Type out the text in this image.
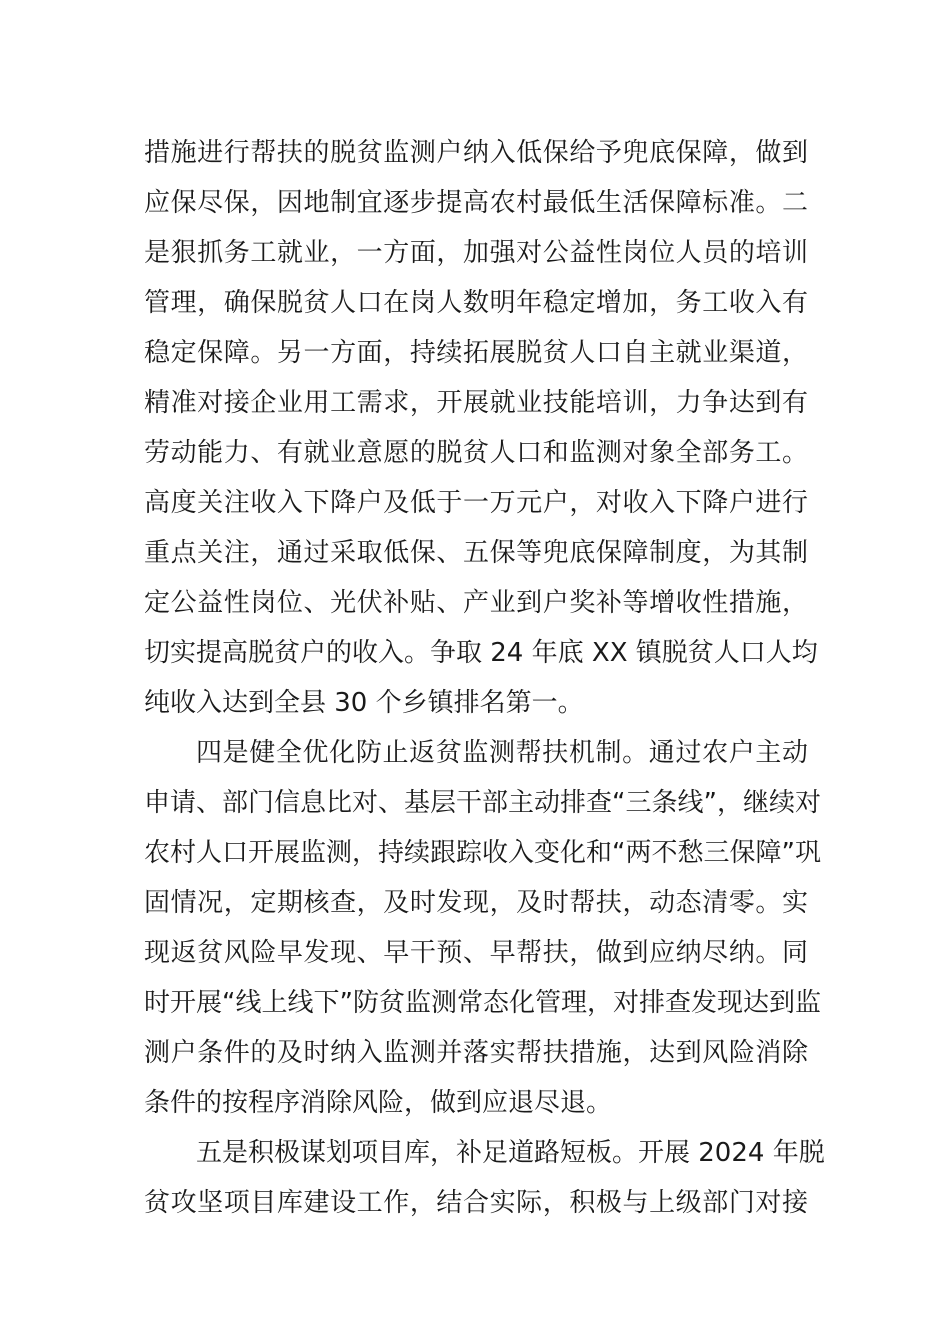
措施进行帮扶的脱贫监测户纳入低保给予兜底保障，做到
应保尽保，因地制宜逐步提高农村最低生活保障标准。二
是狠抓务工就业，一方面，加强对公益性岗位人员的培训
管理，确保脱贫人口在岗人数明年稳定增加，务工收入有
稳定保障。另一方面，持续拓展脱贫人口自主就业渠道，
精准对接企业用工需求，开展就业技能培训，力争达到有
劳动能力、有就业意愿的脱贫人口和监测对象全部务工。
高度关注收入下降户及低于一万元户，对收入下降户进行
重点关注，通过采取低保、五保等兜底保障制度，为其制
定公益性岗位、光伏补贴、产业到户奖补等增收性措施，
切实提高脱贫户的收入。争取 24 年底 XX 镇脱贫人口人均
纯收入达到全县 30 个乡镇排名第一。
四是健全优化防止返贫监测帮扶机制。通过农户主动
申请、部门信息比对、基层干部主动排查“三条线”，继续对
农村人口开展监测，持续跟踪收入变化和“两不愁三保障”巩
固情况，定期核查，及时发现，及时帮扶，动态清零。实
现返贫风险早发现、早干预、早帮扶，做到应纳尽纳。同
时开展“线上线下”防贫监测常态化管理，对排查发现达到监
测户条件的及时纳入监测并落实帮扶措施，达到风险消除
条件的按程序消除风险，做到应退尽退。
五是积极谋划项目库，补足道路短板。开展 2024 年脱
贫攻坚项目库建设工作，结合实际，积极与上级部门对接
